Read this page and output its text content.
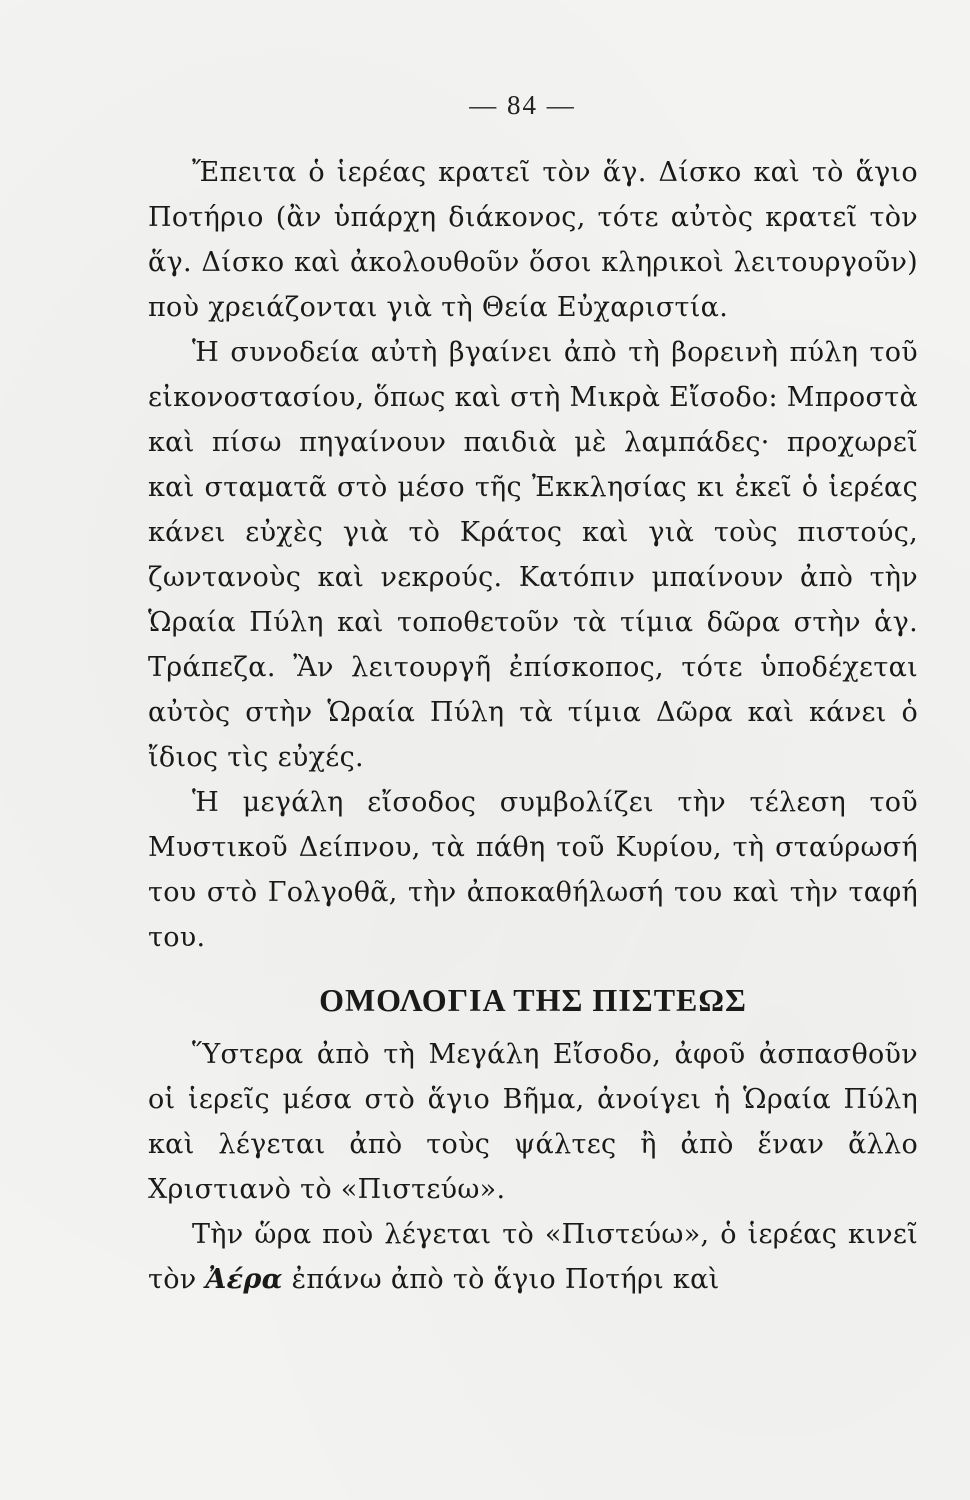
— 84 —

Ἔπειτα ὁ ἱερέας κρατεῖ τὸν ἅγ. Δίσκο καὶ τὸ ἅγιο Ποτήριο (ἂν ὑπάρχη διάκονος, τότε αὐτὸς κρατεῖ τὸν ἅγ. Δίσκο καὶ ἀκολουθοῦν ὅσοι κληρικοὶ λειτουργοῦν) ποὺ χρειάζονται γιὰ τὴ Θεία Εὐχαριστία.

Ἡ συνοδεία αὐτὴ βγαίνει ἀπὸ τὴ βορεινὴ πύλη τοῦ εἰκονοστασίου, ὅπως καὶ στὴ Μικρὰ Εἴσοδο: Μπροστὰ καὶ πίσω πηγαίνουν παιδιὰ μὲ λαμπάδες· προχωρεῖ καὶ σταματᾶ στὸ μέσο τῆς Ἐκκλησίας κι ἐκεῖ ὁ ἱερέας κάνει εὐχὲς γιὰ τὸ Κράτος καὶ γιὰ τοὺς πιστούς, ζωντανοὺς καὶ νεκρούς. Κατόπιν μπαίνουν ἀπὸ τὴν Ὡραία Πύλη καὶ τοποθετοῦν τὰ τίμια δῶρα στὴν ἁγ. Τράπεζα. Ἂν λειτουργῆ ἐπίσκοπος, τότε ὑποδέχεται αὐτὸς στὴν Ὡραία Πύλη τὰ τίμια Δῶρα καὶ κάνει ὁ ἴδιος τὶς εὐχές.

Ἡ μεγάλη εἴσοδος συμβολίζει τὴν τέλεση τοῦ Μυστικοῦ Δείπνου, τὰ πάθη τοῦ Κυρίου, τὴ σταύρωσή του στὸ Γολγοθᾶ, τὴν ἀποκαθήλωσή του καὶ τὴν ταφή του.

ΟΜΟΛΟΓΙΑ ΤΗΣ ΠΙΣΤΕΩΣ

Ὕστερα ἀπὸ τὴ Μεγάλη Εἴσοδο, ἀφοῦ ἀσπασθοῦν οἱ ἱερεῖς μέσα στὸ ἅγιο Βῆμα, ἀνοίγει ἡ Ὡραία Πύλη καὶ λέγεται ἀπὸ τοὺς ψάλτες ἢ ἀπὸ ἕναν ἄλλο Χριστιανὸ τὸ «Πιστεύω».

Τὴν ὥρα ποὺ λέγεται τὸ «Πιστεύω», ὁ ἱερέας κινεῖ τὸν Ἀέρα ἐπάνω ἀπὸ τὸ ἅγιο Ποτήρι καὶ
